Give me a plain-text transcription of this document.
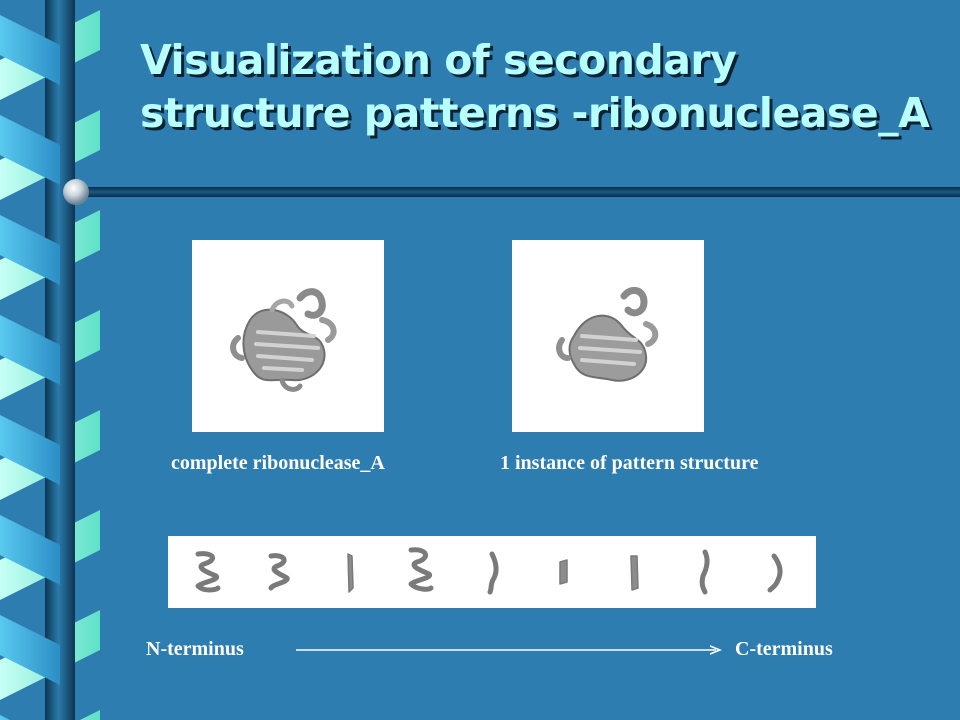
Visualization of secondary structure patterns -ribonuclease_A

complete ribonuclease_A	1 instance of pattern structure

N-terminus	C-terminus
